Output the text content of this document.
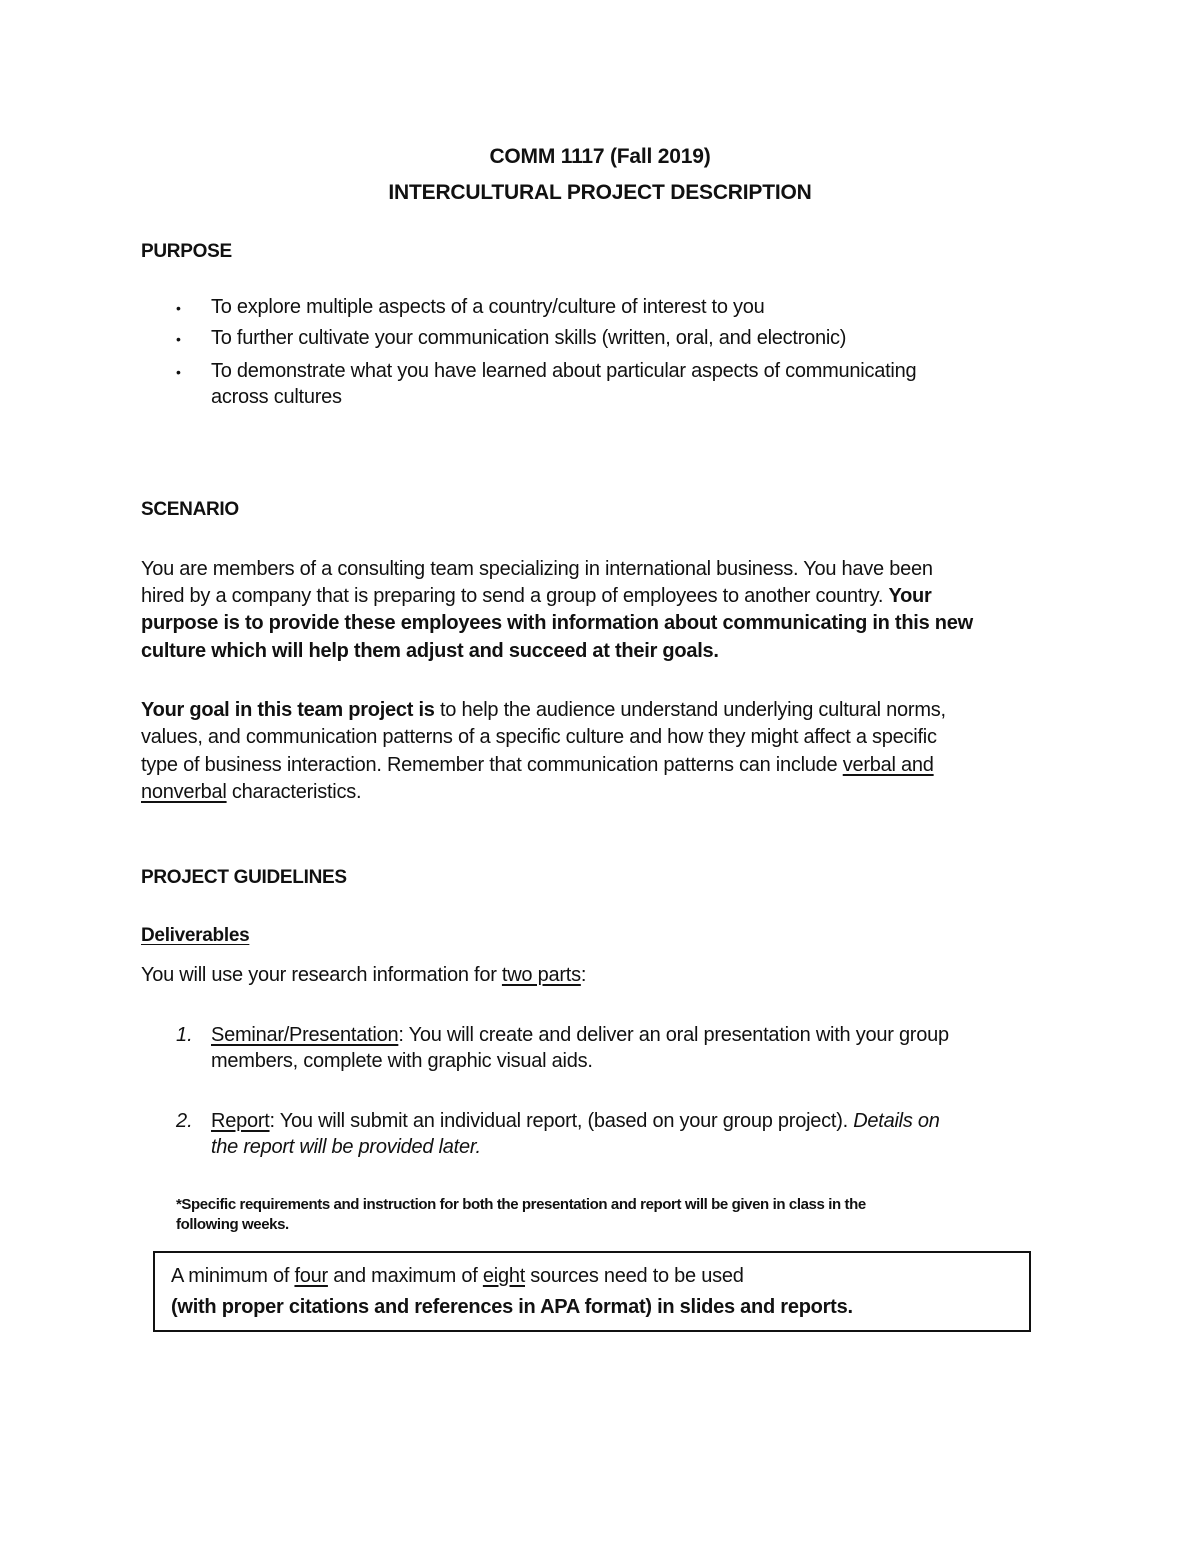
COMM 1117 (Fall 2019)
INTERCULTURAL PROJECT DESCRIPTION
PURPOSE
• To explore multiple aspects of a country/culture of interest to you
• To further cultivate your communication skills (written, oral, and electronic)
• To demonstrate what you have learned about particular aspects of communicating
across cultures
SCENARIO
You are members of a consulting team specializing in international business. You have been
hired by a company that is preparing to send a group of employees to another country. Your
purpose is to provide these employees with information about communicating in this new
culture which will help them adjust and succeed at their goals.
Your goal in this team project is to help the audience understand underlying cultural norms,
values, and communication patterns of a specific culture and how they might affect a specific
type of business interaction. Remember that communication patterns can include verbal and
nonverbal characteristics.
PROJECT GUIDELINES
Deliverables
You will use your research information for two parts:
1. Seminar/Presentation: You will create and deliver an oral presentation with your group
members, complete with graphic visual aids.
2. Report: You will submit an individual report, (based on your group project). Details on
the report will be provided later.
*Specific requirements and instruction for both the presentation and report will be given in class in the
following weeks.
A minimum of four and maximum of eight sources need to be used
(with proper citations and references in APA format) in slides and reports.
